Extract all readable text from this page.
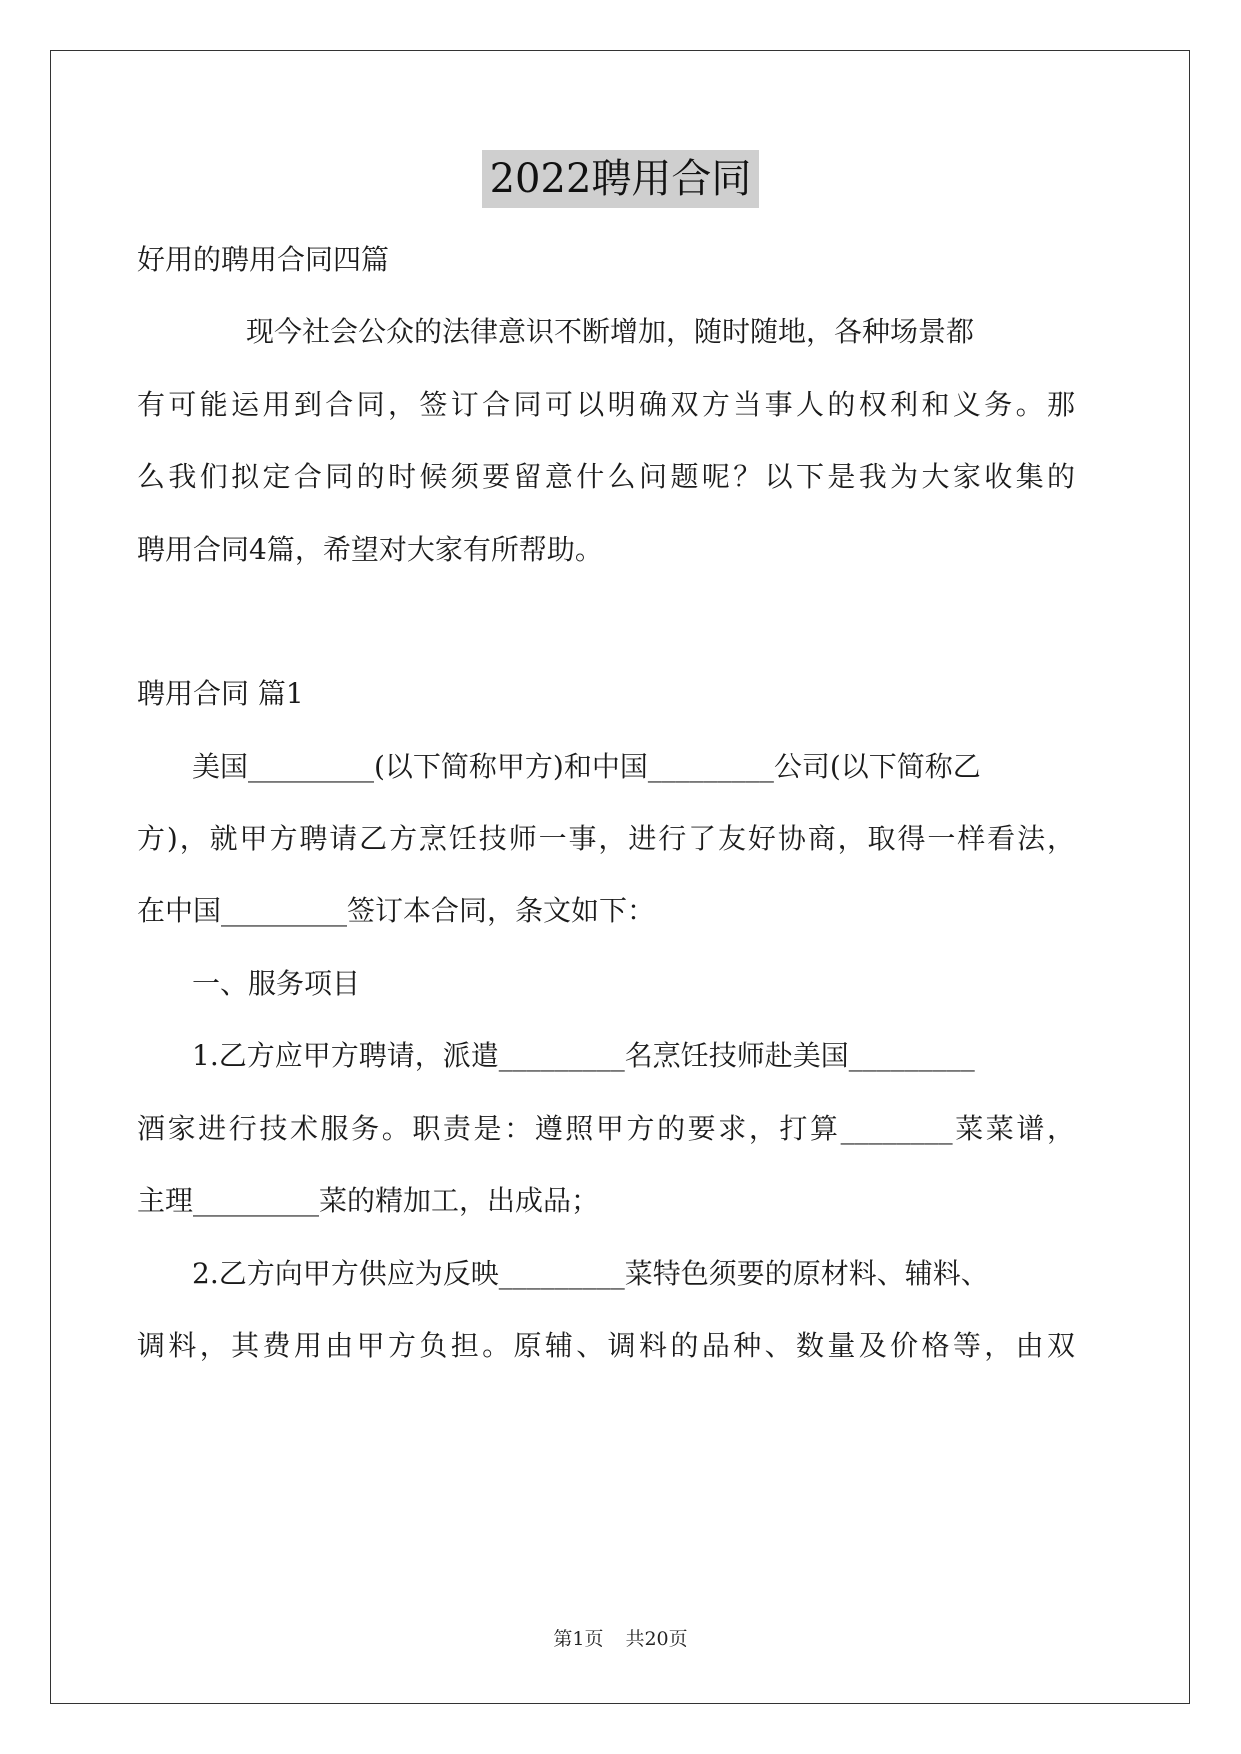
2022聘用合同
好用的聘用合同四篇
现今社会公众的法律意识不断增加，随时随地，各种场景都
有可能运用到合同，签订合同可以明确双方当事人的权利和义务。那
么我们拟定合同的时候须要留意什么问题呢？以下是我为大家收集的
聘用合同4篇，希望对大家有所帮助。
聘用合同 篇1
美国_________(以下简称甲方)和中国_________公司(以下简称乙
方)，就甲方聘请乙方烹饪技师一事，进行了友好协商，取得一样看法，
在中国_________签订本合同，条文如下：
一、服务项目
1.乙方应甲方聘请，派遣_________名烹饪技师赴美国_________
酒家进行技术服务。职责是：遵照甲方的要求，打算________菜菜谱，
主理_________菜的精加工，出成品；
2.乙方向甲方供应为反映_________菜特色须要的原材料、辅料、
调料，其费用由甲方负担。原辅、调料的品种、数量及价格等，由双
第1页 共20页
